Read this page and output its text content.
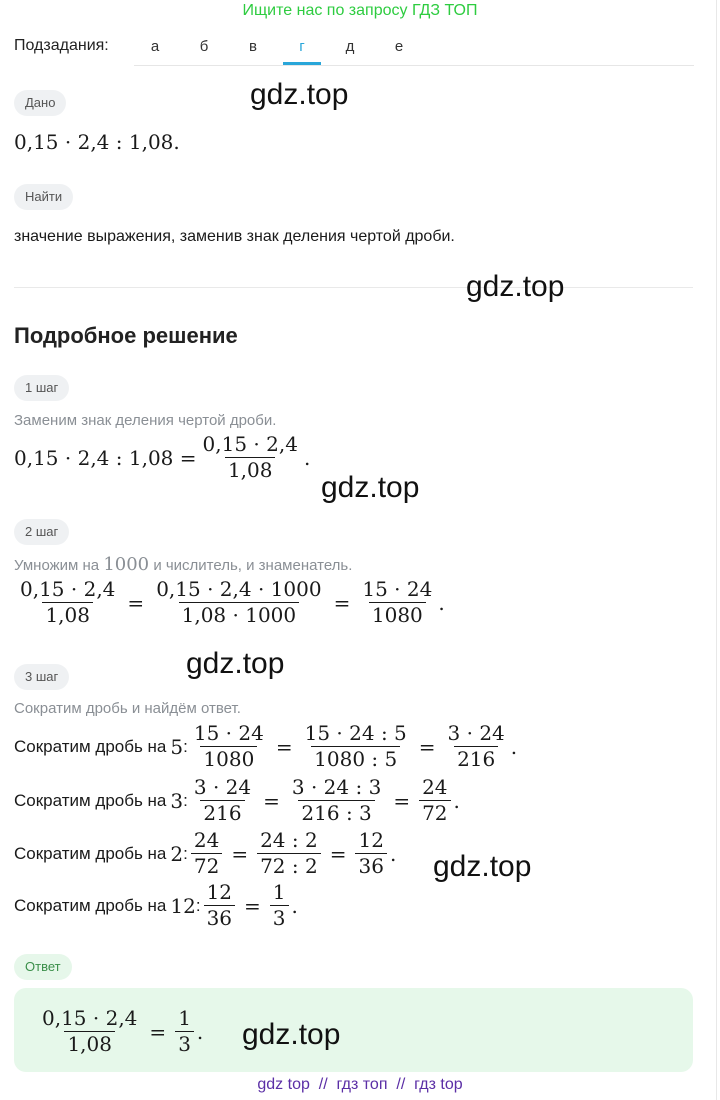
Ищите нас по запросу ГДЗ ТОП
Подзадания:	а	б	в	г	д	е
Дано
0,15 · 2,4 : 1,08.
Найти
значение выражения, заменив знак деления чертой дроби.
Подробное решение
1 шаг
Заменим знак деления чертой дроби.
0,15 · 2,4 : $1,08 = \frac{0,15 \cdot 2,4}{1,08}$ .
2 шаг
Умножим на 1000 и числитель, и знаменатель.
$\frac{0,15 \cdot 2,4}{1,08} = \frac{0,15 \cdot 2,4 \cdot 1000}{1,08 \cdot 1000} = \frac{15 \cdot 24}{1080}$ .
3 шаг
Сократим дробь и найдём ответ.
Сократим дробь на 5 : $\frac{15 \cdot 24}{1080} = \frac{15 \cdot 24 : 5}{1080 : 5} = \frac{3 \cdot 24}{216}$ .
Сократим дробь на 3 : $\frac{3 \cdot 24}{216} = \frac{3 \cdot 24 : 3}{216 : 3} = \frac{24}{72}$ .
Сократим дробь на 2 : $\frac{24}{72} = \frac{24 : 2}{72 : 2} = \frac{12}{36}$ .
Сократим дробь на 12 : $\frac{12}{36} = \frac{1}{3}$ .
Ответ
$\frac{0,15 \cdot 2,4}{1,08} = \frac{1}{3}$ .
gdz.top
gdz.top
gdz.top
gdz.top
gdz.top
gdz.top
gdz top  //  гдз топ  //  гдз top
